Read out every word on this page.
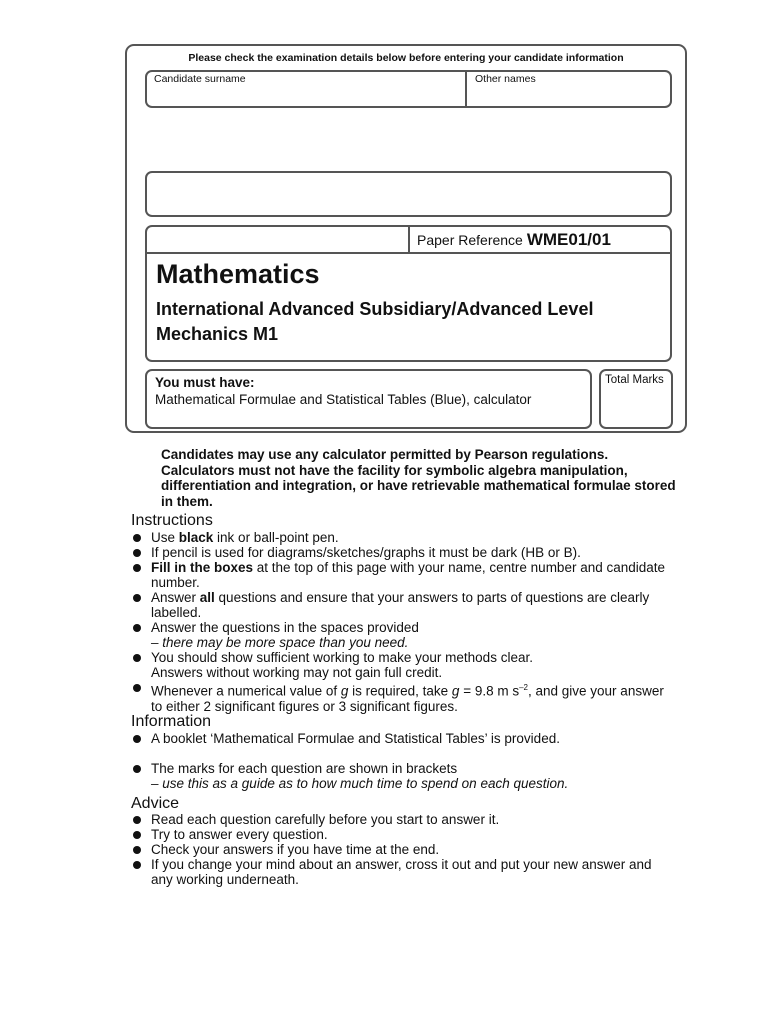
Please check the examination details below before entering your candidate information
Candidate surname	Other names
Paper Reference WME01/01
Mathematics
International Advanced Subsidiary/Advanced Level
Mechanics M1
You must have:
Mathematical Formulae and Statistical Tables (Blue), calculator
Total Marks
Candidates may use any calculator permitted by Pearson regulations. Calculators must not have the facility for symbolic algebra manipulation, differentiation and integration, or have retrievable mathematical formulae stored in them.
Instructions
Use black ink or ball-point pen.
If pencil is used for diagrams/sketches/graphs it must be dark (HB or B).
Fill in the boxes at the top of this page with your name, centre number and candidate number.
Answer all questions and ensure that your answers to parts of questions are clearly labelled.
Answer the questions in the spaces provided
– there may be more space than you need.
You should show sufficient working to make your methods clear.
Answers without working may not gain full credit.
Whenever a numerical value of g is required, take g = 9.8 m $s^{-2}$, and give your answer to either 2 significant figures or 3 significant figures.
Information
A booklet ‘Mathematical Formulae and Statistical Tables’ is provided.
The marks for each question are shown in brackets
– use this as a guide as to how much time to spend on each question.
Advice
Read each question carefully before you start to answer it.
Try to answer every question.
Check your answers if you have time at the end.
If you change your mind about an answer, cross it out and put your new answer and any working underneath.
